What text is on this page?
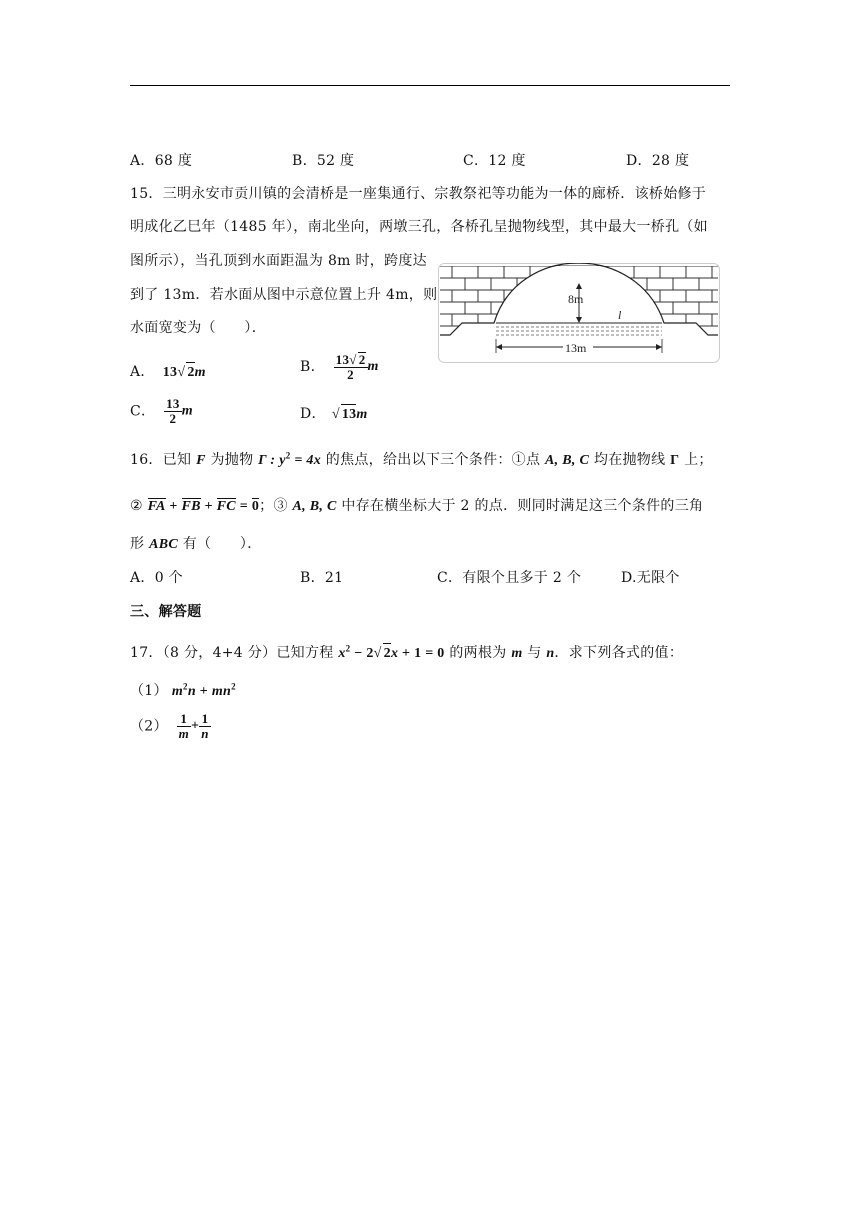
A．68 度	B．52 度	C．12 度	D．28 度
15．三明永安市贡川镇的会清桥是一座集通行、宗教祭祀等功能为一体的廊桥．该桥始修于
明成化乙巳年（1485 年），南北坐向，两墩三孔，各桥孔呈抛物线型，其中最大一桥孔（如
图所示），当孔顶到水面距温为 8m 时，跨度达
到了 13m．若水面从图中示意位置上升 4m，则
水面宽变为（　　）．
8m
l
13m
A． 13√ 2m	B． $\frac{13√ 2}{2}$ m
C． $\frac{13}{2}$ m	D． √ 13m
16．已知 F 为抛物 Γ : $y^2 = 4x$ 的焦点，给出以下三个条件：①点 A, B, C 均在抛物线 Γ 上；
② FA + FB + FC = 0；③ A, B, C 中存在横坐标大于 2 的点．则同时满足这三个条件的三角
形 ABC 有（　　）．
A．0 个	B．21	C．有限个且多于 2 个	D.无限个
三、解答题
17．（8 分，4+4 分）已知方程 $x^2 - 2√$ 2x + 1 = 0 的两根为 m 与 n．求下列各式的值：
（1） $m^2n + mn^2$
$(2) \frac{1}{m} + \frac{1}{n}$
